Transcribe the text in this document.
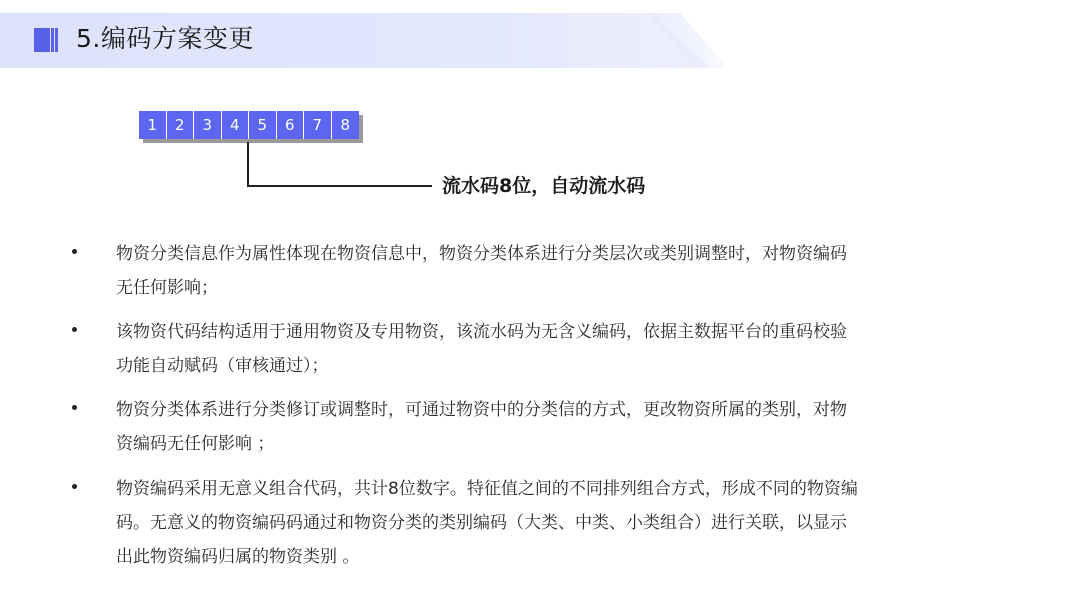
5.编码方案变更
1	2	3	4	5	6	7	8
流水码8位，自动流水码
物资分类信息作为属性体现在物资信息中，物资分类体系进行分类层次或类别调整时，对物资编码
无任何影响；
该物资代码结构适用于通用物资及专用物资，该流水码为无含义编码，依据主数据平台的重码校验
功能自动赋码（审核通过）；
物资分类体系进行分类修订或调整时，可通过物资中的分类信的方式，更改物资所属的类别，对物
资编码无任何影响 ；
物资编码采用无意义组合代码，共计8位数字。特征值之间的不同排列组合方式，形成不同的物资编
码。无意义的物资编码码通过和物资分类的类别编码（大类、中类、小类组合）进行关联，以显示
出此物资编码归属的物资类别 。
